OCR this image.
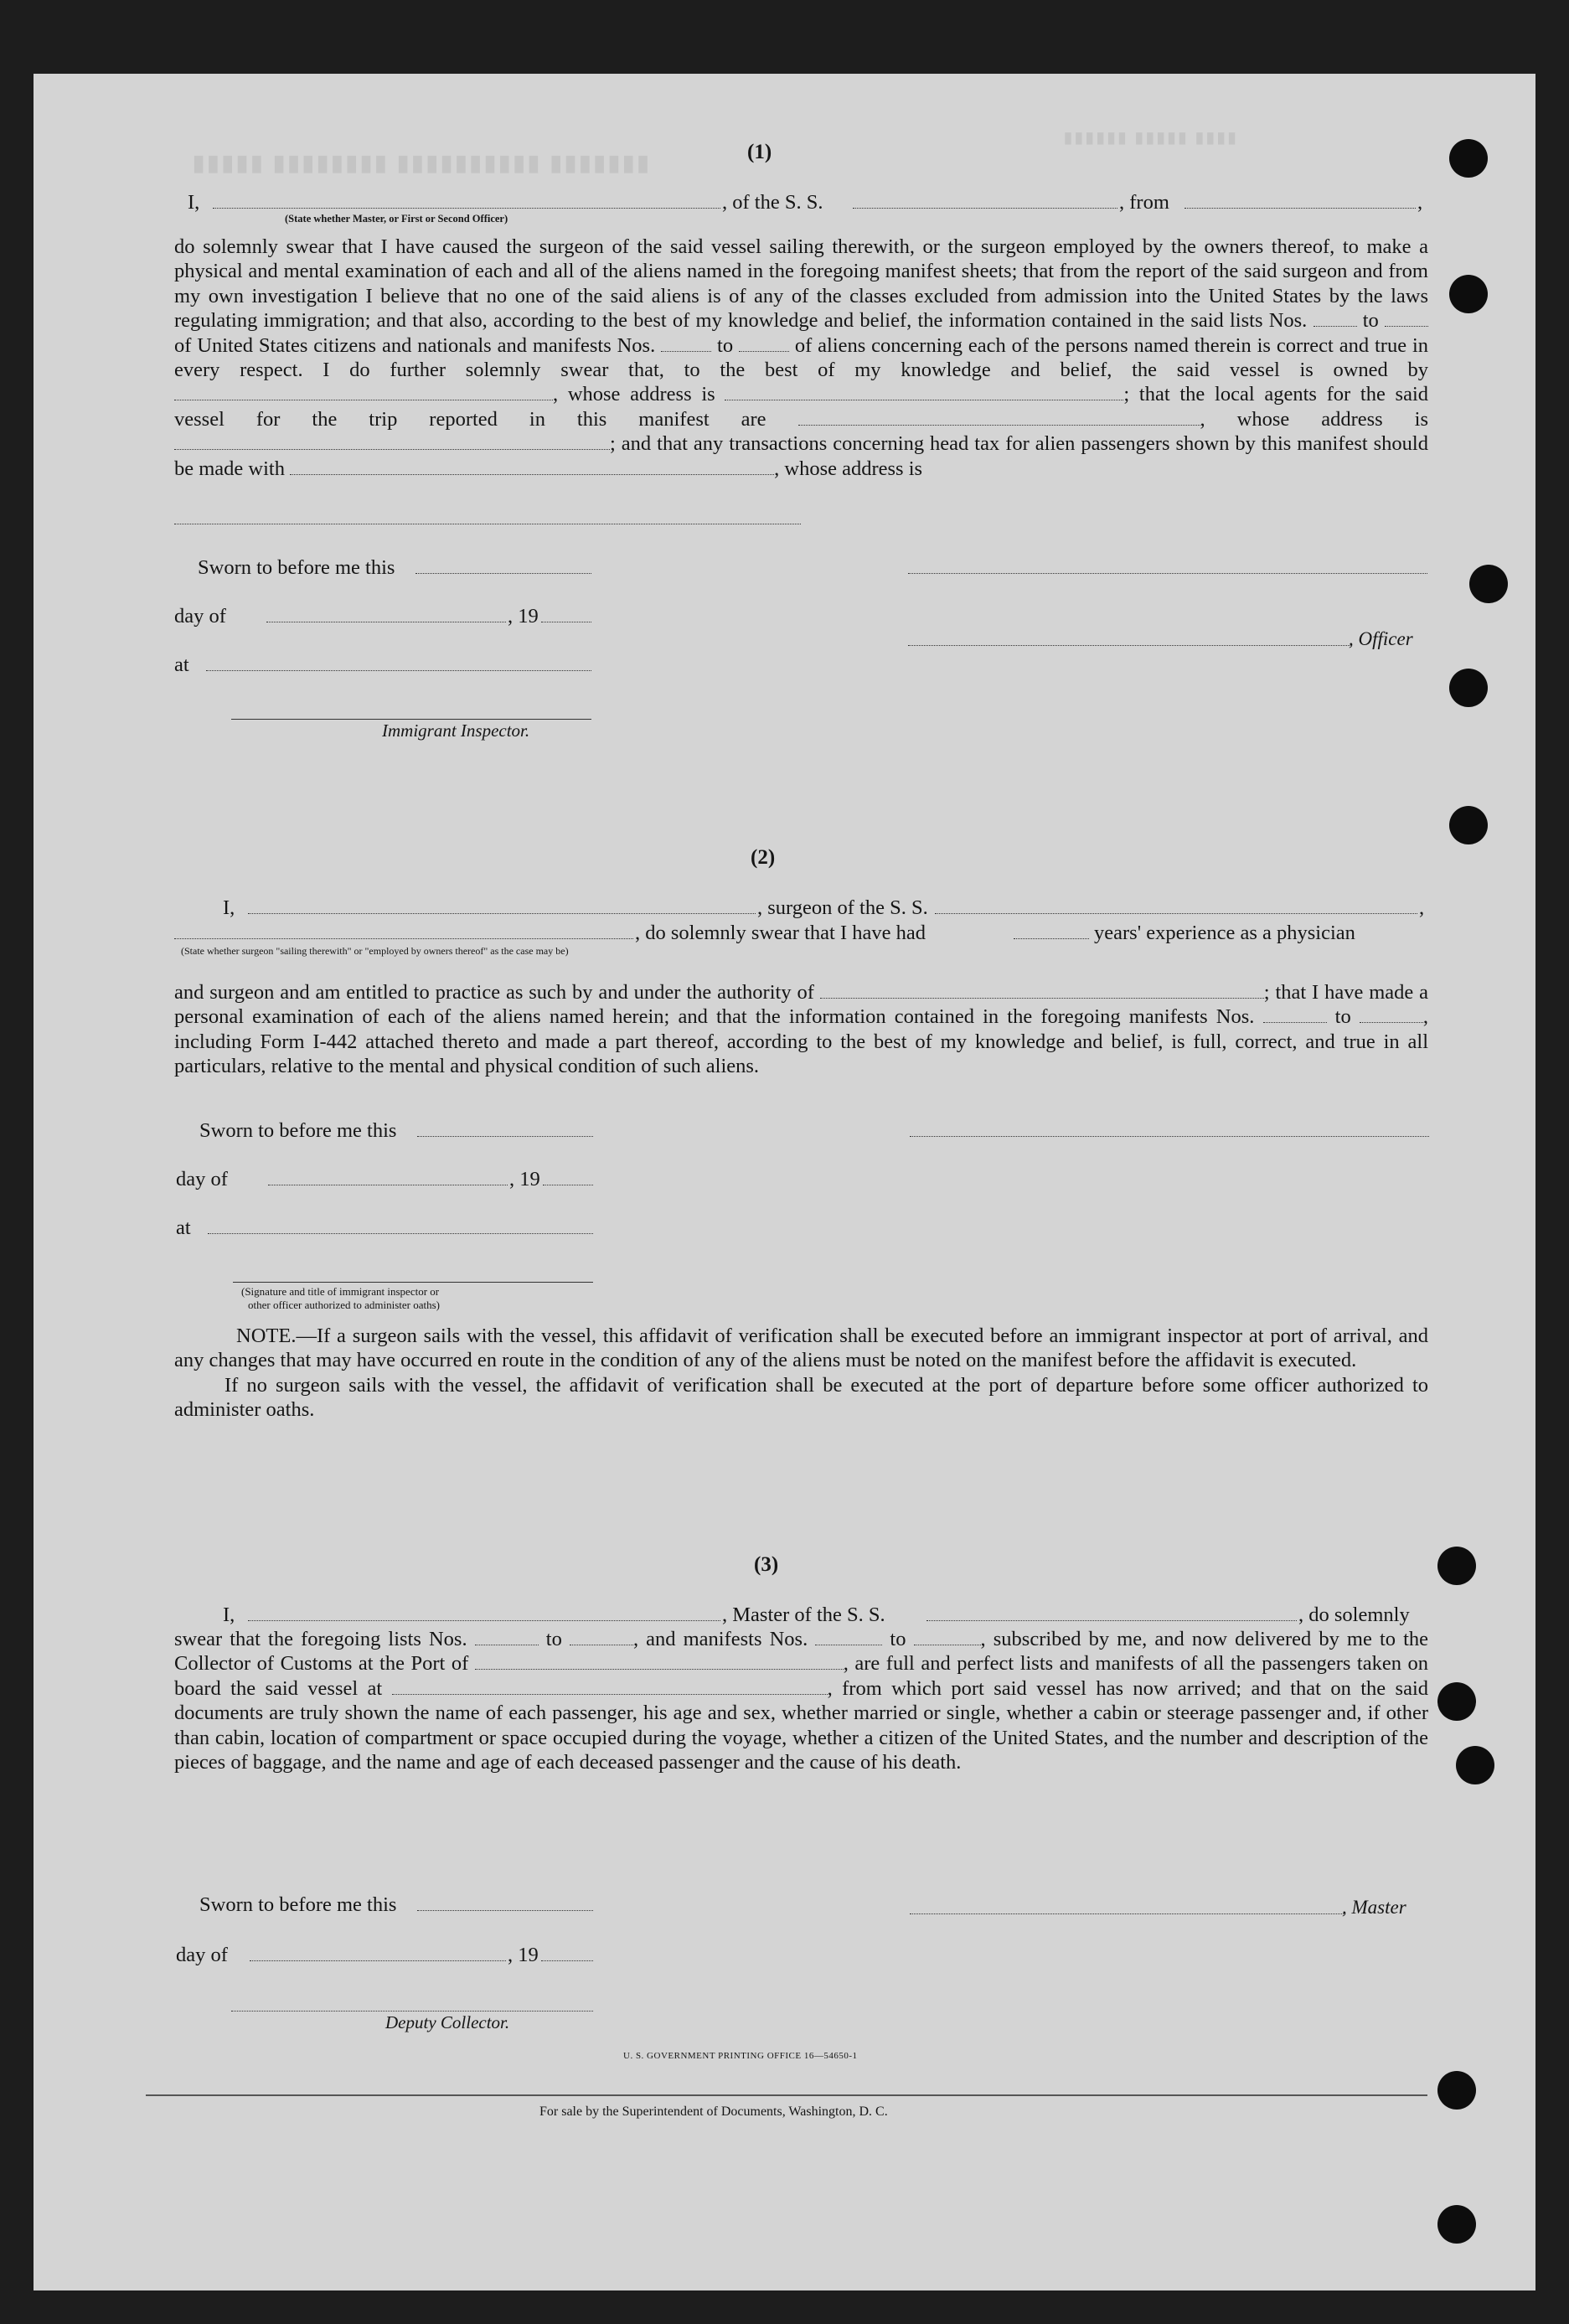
▮▮▮▮▮ ▮▮▮▮▮▮▮▮ ▮▮▮▮▮▮▮▮▮▮ ▮▮▮▮▮▮▮
▮▮▮▮▮▮ ▮▮▮▮▮ ▮▮▮▮
(1)
I,	, of the S. S.	, from	,
(State whether Master, or First or Second Officer)
do solemnly swear that I have caused the surgeon of the said vessel sailing therewith, or the surgeon employed by the owners thereof, to make a physical and mental examination of each and all of the aliens named in the foregoing manifest sheets; that from the report of the said surgeon and from my own investigation I believe that no one of the said aliens is of any of the classes excluded from admission into the United States by the laws regulating immigration; and that also, according to the best of my knowledge and belief, the information contained in the said lists Nos.	to  of United States citizens and nationals and manifests Nos.	to	of aliens concerning each of the persons named therein is correct and true in every respect. I do further solemnly swear that, to the best of my knowledge and belief, the said vessel is owned by , whose address is	; that the local agents for the said vessel for the trip reported in this manifest are	, whose address is ; and that any transactions concerning head tax for alien passengers shown by this manifest should be made with	, whose address is
Sworn to before me this
day of	, 19
, Officer
at
Immigrant Inspector.
(2)
I,	, surgeon of the S. S.	,
, do solemnly swear that I have had	years' experience as a physician
(State whether surgeon "sailing therewith" or "employed by owners thereof" as the case may be)
and surgeon and am entitled to practice as such by and under the authority of	; that I have made a personal examination of each of the aliens named herein; and that the information contained in the foregoing manifests Nos.	to	, including Form I-442 attached thereto and made a part thereof, according to the best of my knowledge and belief, is full, correct, and true in all particulars, relative to the mental and physical condition of such aliens.
Sworn to before me this
day of	, 19
at
(Signature and title of immigrant inspector or
other officer authorized to administer oaths)
NOTE.—If a surgeon sails with the vessel, this affidavit of verification shall be executed before an immigrant inspector at port of arrival, and any changes that may have occurred en route in the condition of any of the aliens must be noted on the manifest before the affidavit is executed.
If no surgeon sails with the vessel, the affidavit of verification shall be executed at the port of departure before some officer authorized to administer oaths.
(3)
I,	, Master of the S. S.	, do solemnly
swear that the foregoing lists Nos.	to	, and manifests Nos.	to	, subscribed by me, and now delivered by me to the Collector of Customs at the Port of	, are full and perfect lists and manifests of all the passengers taken on board the said vessel at	, from which port said vessel has now arrived; and that on the said documents are truly shown the name of each passenger, his age and sex, whether married or single, whether a cabin or steerage passenger and, if other than cabin, location of compartment or space occupied during the voyage, whether a citizen of the United States, and the number and description of the pieces of baggage, and the name and age of each deceased passenger and the cause of his death.
Sworn to before me this	, Master
day of	, 19
Deputy Collector.
U. S. GOVERNMENT PRINTING OFFICE 16—54650-1
For sale by the Superintendent of Documents, Washington, D. C.
